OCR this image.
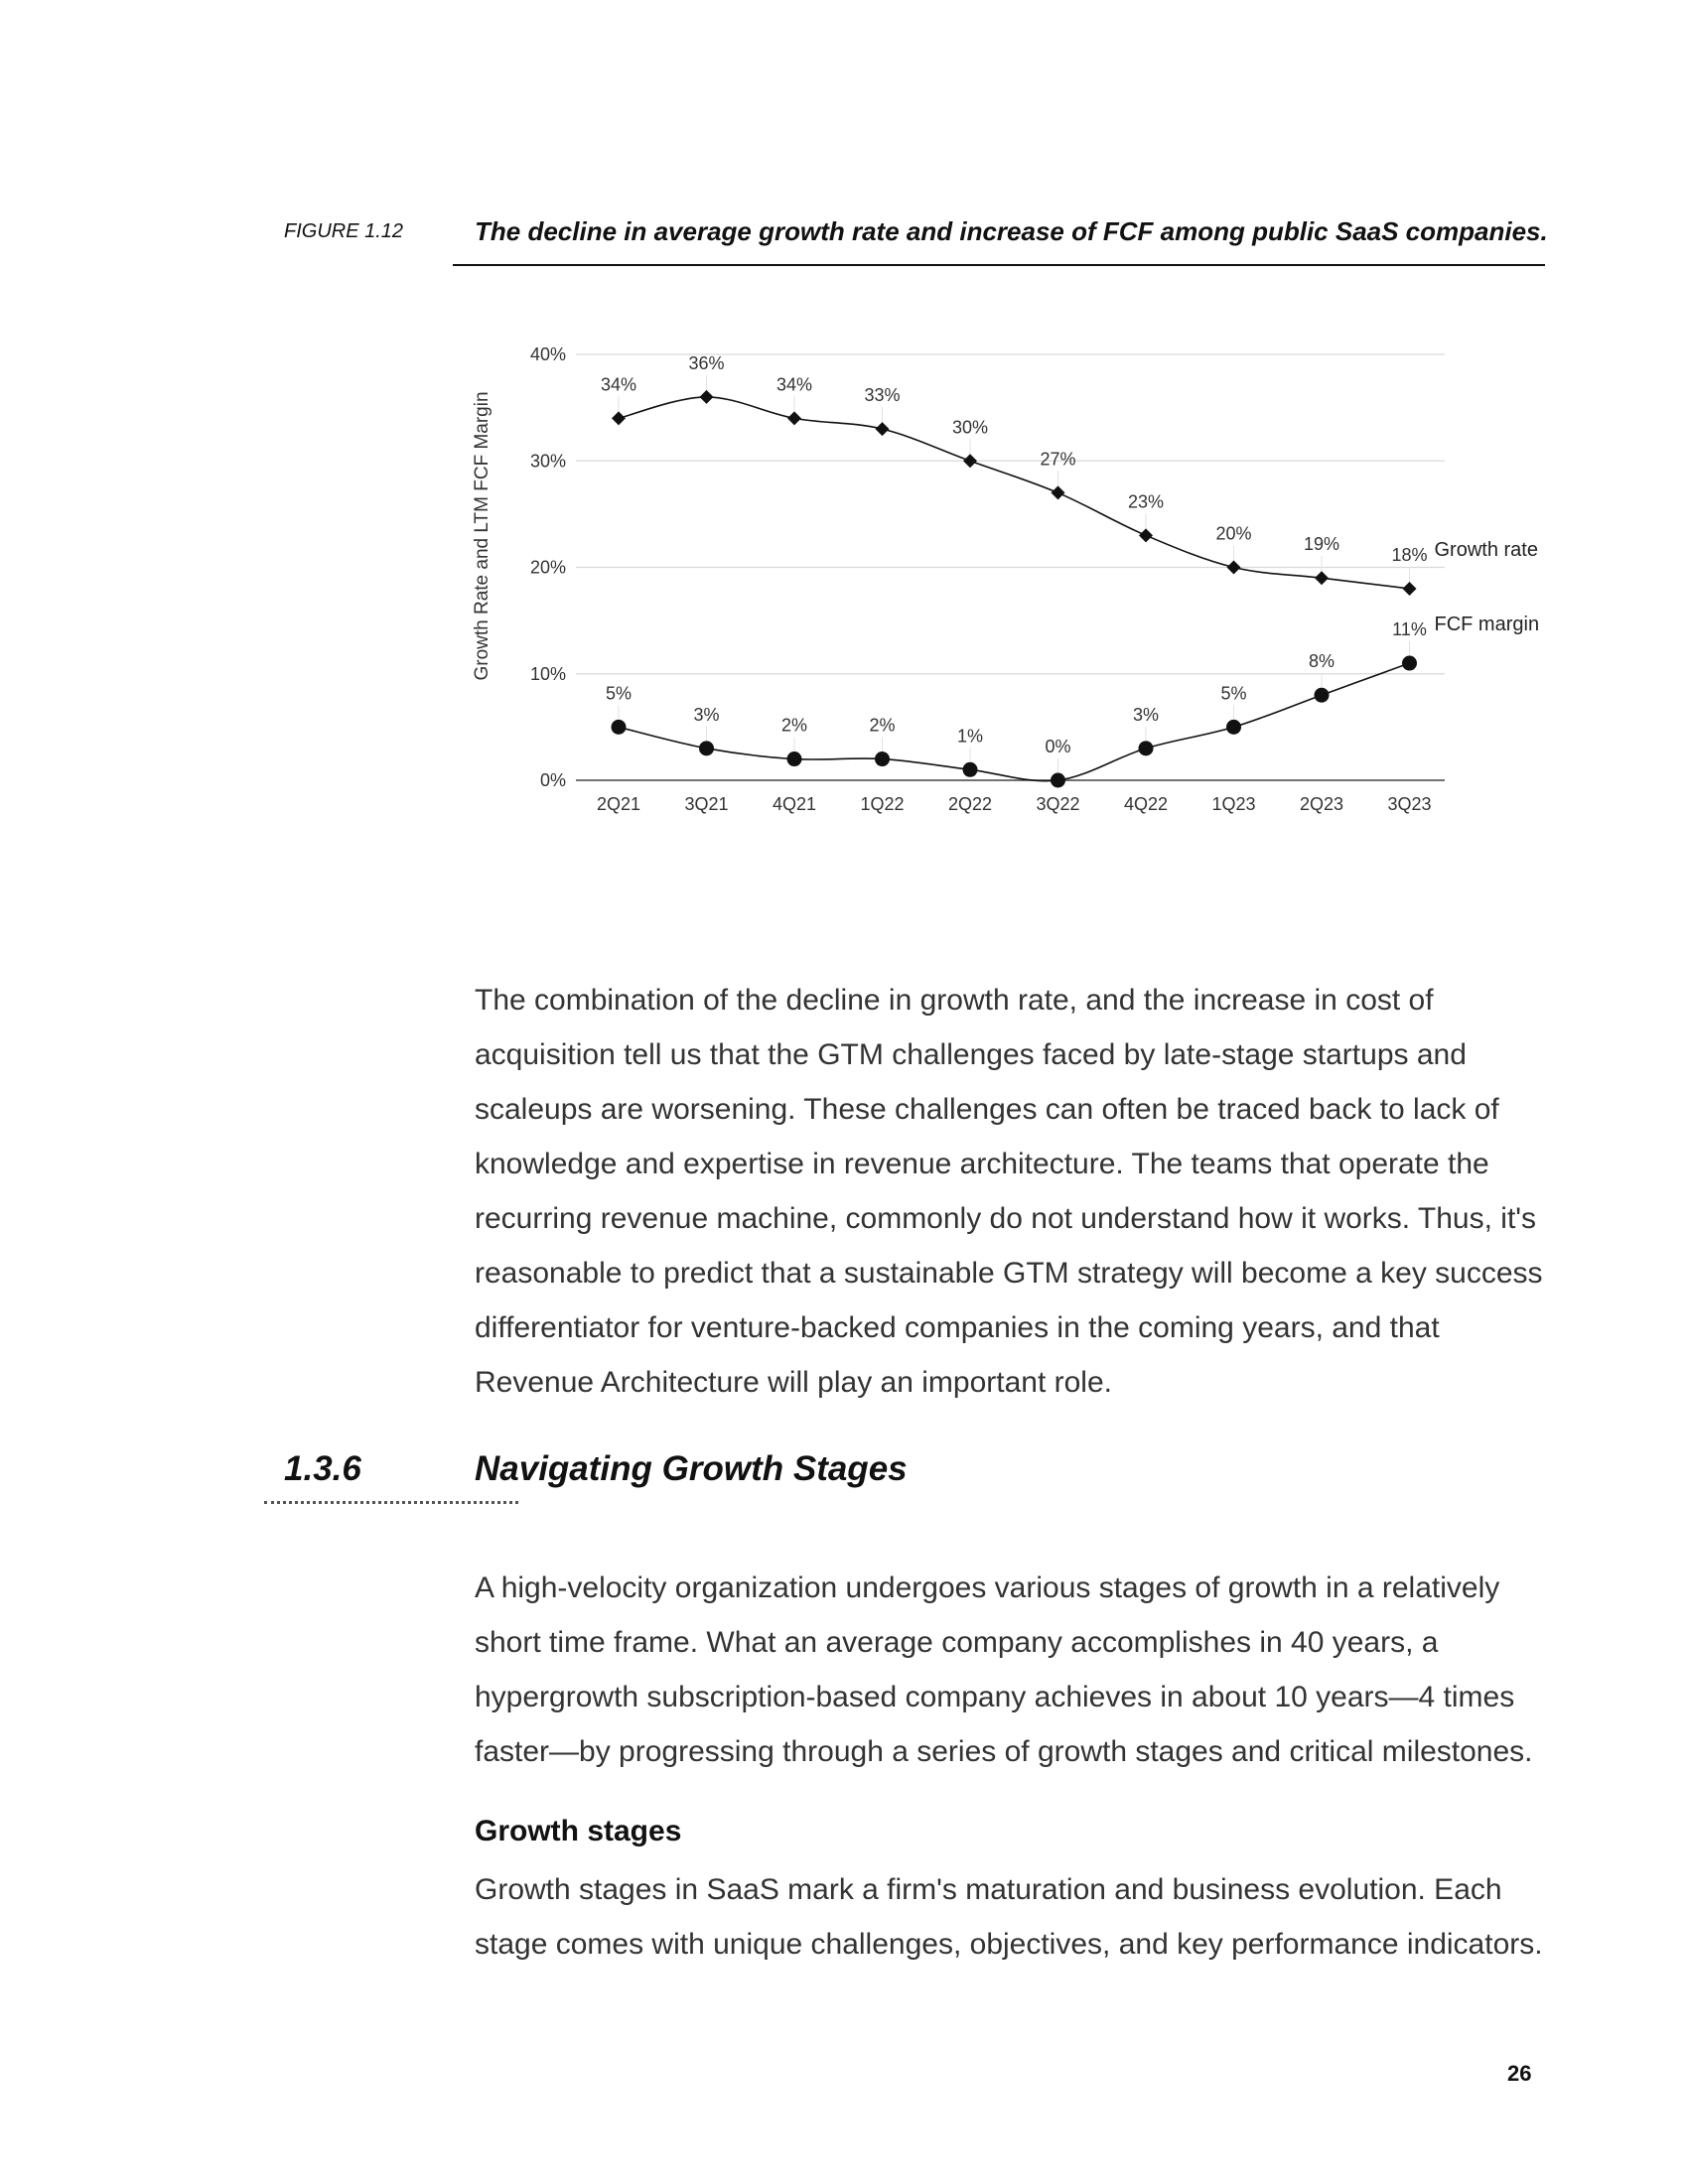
FIGURE 1.12	The decline in average growth rate and increase of FCF among public SaaS companies.
0%
10%
20%
30%
40%
2Q21 3Q21 4Q21 1Q22 2Q22 3Q22 4Q22 1Q23 2Q23 3Q23
34%
36%
34%
33%
30%
27%
23%
20%
19%
18% Growth rate
5%
3%
2%	2%
1%
0%
3%
5%
8%
11% FCF margin
Growth Rate and LTM FCF Margin

The combination of the decline in growth rate, and the increase in cost of acquisition tell us that the GTM challenges faced by late-stage startups and scaleups are worsening. These challenges can often be traced back to lack of knowledge and expertise in revenue architecture. The teams that operate the recurring revenue machine, commonly do not understand how it works. Thus, it's reasonable to predict that a sustainable GTM strategy will become a key success differentiator for venture-backed companies in the coming years, and that Revenue Architecture will play an important role.

1.3.6	Navigating Growth Stages

A high-velocity organization undergoes various stages of growth in a relatively short time frame. What an average company accomplishes in 40 years, a hypergrowth subscription-based company achieves in about 10 years—4 times faster—by progressing through a series of growth stages and critical milestones.

Growth stages

Growth stages in SaaS mark a firm's maturation and business evolution. Each stage comes with unique challenges, objectives, and key performance indicators.

26
